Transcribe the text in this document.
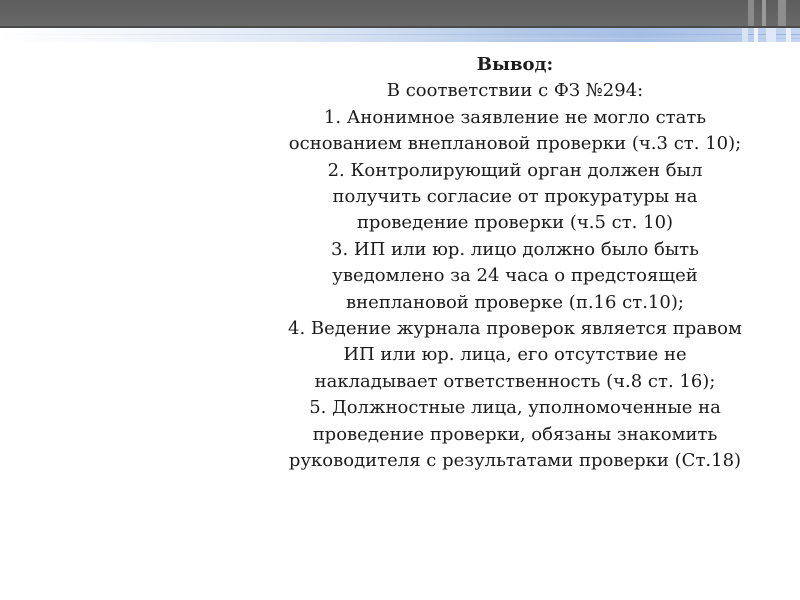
Вывод:
В соответствии с ФЗ №294:
1. Анонимное заявление не могло стать
основанием внеплановой проверки (ч.3 ст. 10);
2. Контролирующий орган должен был
получить согласие от прокуратуры на
проведение проверки (ч.5 ст. 10)
3. ИП или юр. лицо должно было быть
уведомлено за 24 часа о предстоящей
внеплановой проверке (п.16 ст.10);
4. Ведение журнала проверок является правом
ИП или юр. лица, его отсутствие не
накладывает ответственность (ч.8 ст. 16);
5. Должностные лица, уполномоченные на
проведение проверки, обязаны знакомить
руководителя с результатами проверки (Ст.18)
